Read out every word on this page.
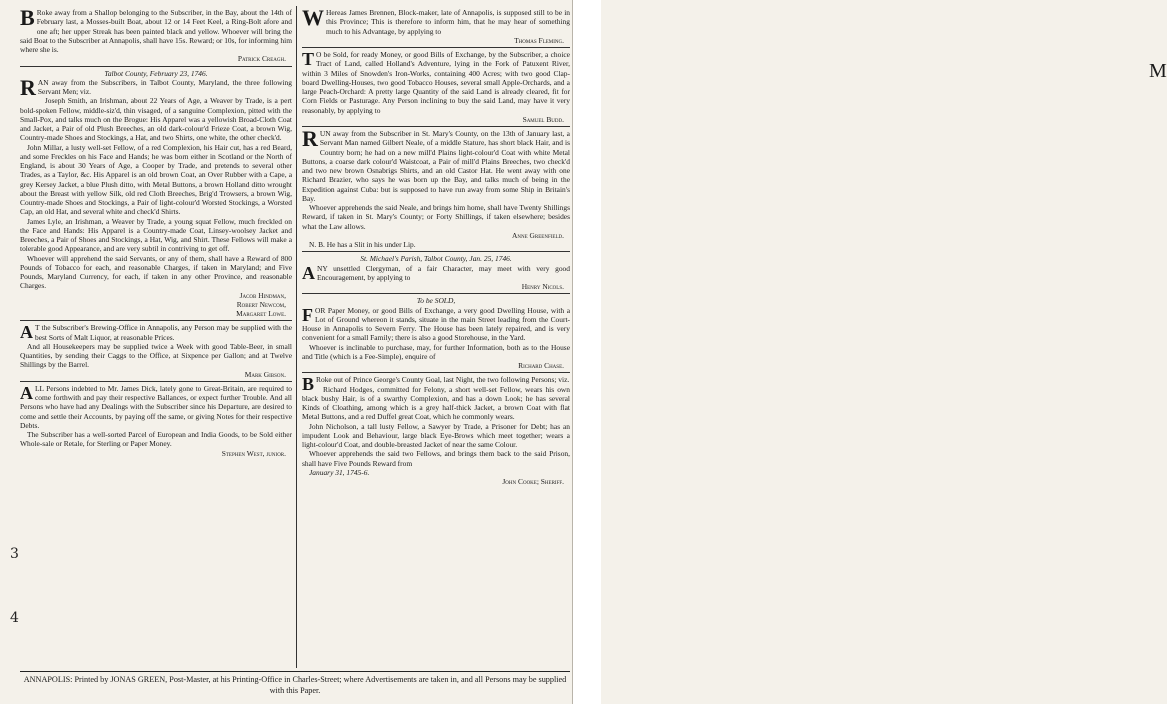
B Roke away from a Shallop belonging to the Subscriber, in the Bay, about the 14th of February last, a Mosses-built Boat, about 12 or 14 Feet Keel, a Ring-Bolt afore and one aft; her upper Streak has been painted black and yellow. Whoever will bring the said Boat to the Subscriber at Annapolis, shall have 15s. Reward; or 10s, for informing him where she is.

Patrick Creagh.

Talbot County, February 23, 1746.

R AN away from the Subscribers, in Talbot County, Maryland, the three following Servant Men; viz.

Joseph Smith, an Irishman, about 22 Years of Age, a Weaver by Trade, is a pert bold-spoken Fellow, middle-siz'd, thin visaged, of a sanguine Complexion, pitted with the Small-Pox, and talks much on the Brogue: His Apparel was a yellowish Broad-Cloth Coat and Jacket, a Pair of old Plush Breeches, an old dark-colour'd Frieze Coat, a brown Wig, Country-made Shoes and Stockings, a Hat, and two Shirts, one white, the other check'd.

John Millar, a lusty well-set Fellow, of a red Complexion, his Hair cut, has a red Beard, and some Freckles on his Face and Hands; he was born either in Scotland or the North of England, is about 30 Years of Age, a Cooper by Trade, and pretends to several other Trades, as a Taylor, &c. His Apparel is an old brown Coat, an Over Rubber with a Cape, a grey Kersey Jacket, a blue Plush ditto, with Metal Buttons, a brown Holland ditto wrought about the Breast with yellow Silk, old red Cloth Breeches, Brig'd Trowsers, a brown Wig, Country-made Shoes and Stockings, a Pair of light-colour'd Worsted Stockings, a Worsted Cap, an old Hat, and several white and check'd Shirts.

James Lyle, an Irishman, a Weaver by Trade, a young squat Fellow, much freckled on the Face and Hands: His Apparel is a Country-made Coat, Linsey-woolsey Jacket and Breeches, a Pair of Shoes and Stockings, a Hat, Wig, and Shirt. These Fellows will make a tolerable good Appearance, and are very subtil in contriving to get off.

Whoever will apprehend the said Servants, or any of them, shall have a Reward of 800 Pounds of Tobacco for each, and reasonable Charges, if taken in Maryland; and Five Pounds, Maryland Currency, for each, if taken in any other Province, and reasonable Charges.

Jacob Hindman,

Robert Newcom,

Margaret Lowe.

A T the Subscriber's Brewing-Office in Annapolis, any Person may be supplied with the best Sorts of Malt Liquor, at reasonable Prices.

And all Housekeepers may be supplied twice a Week with good Table-Beer, in small Quantities, by sending their Caggs to the Office, at Sixpence per Gallon; and at Twelve Shillings by the Barrel.

Mark Gibson.

A LL Persons indebted to Mr. James Dick, lately gone to Great-Britain, are required to come forthwith and pay their respective Ballances, or expect further Trouble. And all Persons who have had any Dealings with the Subscriber since his Departure, are desired to come and settle their Accounts, by paying off the same, or giving Notes for their respective Debts.

The Subscriber has a well-sorted Parcel of European and India Goods, to be Sold either Whole-sale or Retale, for Sterling or Paper Money.

Stephen West, junior.

W Hereas James Brennen, Block-maker, late of Annapolis, is supposed still to be in this Province; This is therefore to inform him, that he may hear of something much to his Advantage, by applying to

Thomas Fleming.

T O be Sold, for ready Money, or good Bills of Exchange, by the Subscriber, a choice Tract of Land, called Holland's Adventure, lying in the Fork of Patuxent River, within 3 Miles of Snowden's Iron-Works, containing 400 Acres; with two good Clap-board Dwelling-Houses, two good Tobacco Houses, several small Apple-Orchards, and a large Peach-Orchard: A pretty large Quantity of the said Land is already cleared, fit for Corn Fields or Pasturage. Any Person inclining to buy the said Land, may have it very reasonably, by applying to

Samuel Budd.

R UN away from the Subscriber in St. Mary's County, on the 13th of January last, a Servant Man named Gilbert Neale, of a middle Stature, has short black Hair, and is Country born; he had on a new mill'd Plains light-colour'd Coat with white Metal Buttons, a coarse dark colour'd Waistcoat, a Pair of mill'd Plains Breeches, two check'd and two new brown Osnabrigs Shirts, and an old Castor Hat. He went away with one Richard Brazier, who says he was born up the Bay, and talks much of being in the Expedition against Cuba: but is supposed to have run away from some Ship in Britain's Bay.

Whoever apprehends the said Neale, and brings him home, shall have Twenty Shillings Reward, if taken in St. Mary's County; or Forty Shillings, if taken elsewhere; besides what the Law allows.

Anne Greenfield.

N. B. He has a Slit in his under Lip.

St. Michael's Parish, Talbot County, Jan. 25, 1746.

A NY unsettled Clergyman, of a fair Character, may meet with very good Encouragement, by applying to

Henry Nicols.

To be SOLD,

F OR Paper Money, or good Bills of Exchange, a very good Dwelling House, with a Lot of Ground whereon it stands, situate in the main Street leading from the Court-House in Annapolis to Severn Ferry. The House has been lately repaired, and is very convenient for a small Family; there is also a good Storehouse, in the Yard.

Whoever is inclinable to purchase, may, for further Information, both as to the House and Title (which is a Fee-Simple), enquire of

Richard Chase.

B Roke out of Prince George's County Goal, last Night, the two following Persons; viz.

Richard Hodges, committed for Felony, a short well-set Fellow, wears his own black bushy Hair, is of a swarthy Complexion, and has a down Look; he has several Kinds of Cloathing, among which is a grey half-thick Jacket, a brown Coat with flat Metal Buttons, and a red Duffel great Coat, which he commonly wears.

John Nicholson, a tall lusty Fellow, a Sawyer by Trade, a Prisoner for Debt; has an impudent Look and Behaviour, large black Eye-Brows which meet together; wears a light-colour'd Coat, and double-breasted Jacket of near the same Colour.

Whoever apprehends the said two Fellows, and brings them back to the said Prison, shall have Five Pounds Reward from

January 31, 1745-6.

John Cooke; Sheriff.

3
4
ANNAPOLIS: Printed by JONAS GREEN, Post-Master, at his Printing-Office in Charles-Street; where Advertisements are taken in, and all Persons may be supplied with this Paper.
M
